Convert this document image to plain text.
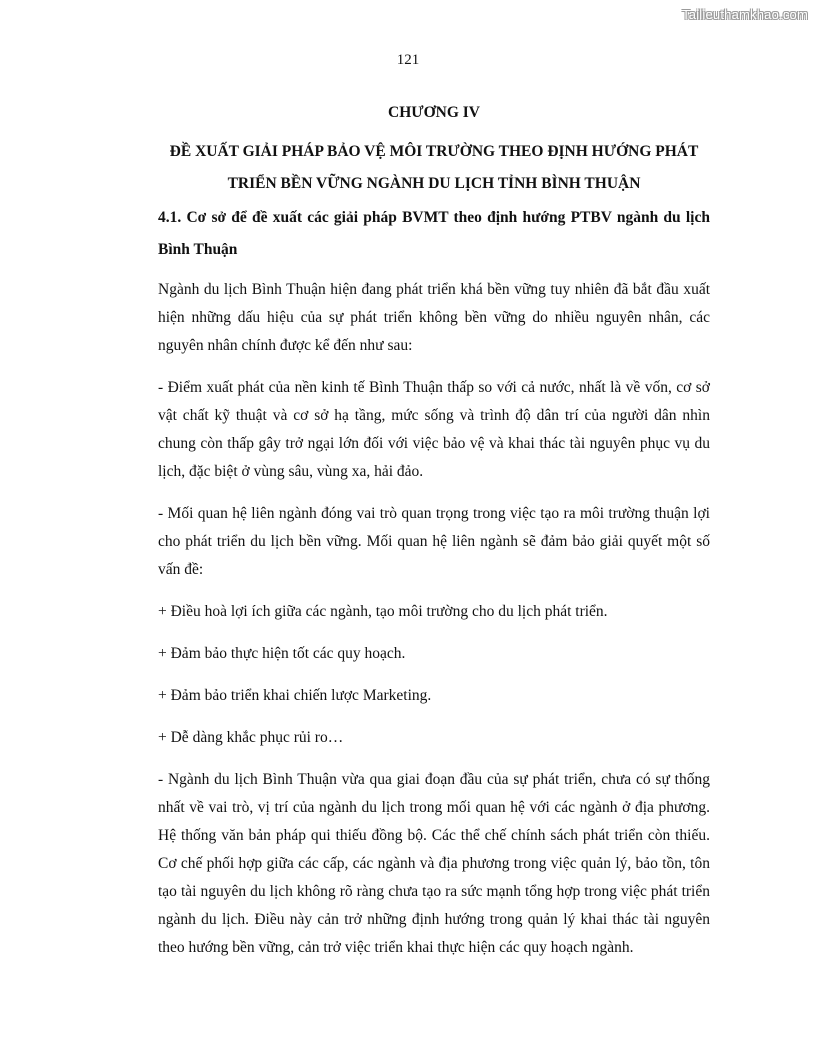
Tailieuthamkhao.com
121
CHƯƠNG IV
ĐỀ XUẤT GIẢI PHÁP BẢO VỆ MÔI TRƯỜNG THEO ĐỊNH HƯỚNG PHÁT TRIỂN BỀN VỮNG NGÀNH DU LỊCH TỈNH BÌNH THUẬN
4.1. Cơ sở để đề xuất các giải pháp BVMT theo định hướng PTBV ngành du lịch Bình Thuận
Ngành du lịch Bình Thuận hiện đang phát triển khá bền vững tuy nhiên đã bắt đầu xuất hiện những dấu hiệu của sự phát triển không bền vững do nhiều nguyên nhân, các nguyên nhân chính được kể đến như sau:
- Điểm xuất phát của nền kinh tế Bình Thuận thấp so với cả nước, nhất là về vốn, cơ sở vật chất kỹ thuật và cơ sở hạ tầng, mức sống và trình độ dân trí của người dân nhìn chung còn thấp gây trở ngại lớn đối với việc bảo vệ và khai thác tài nguyên phục vụ du lịch, đặc biệt ở vùng sâu, vùng xa, hải đảo.
- Mối quan hệ liên ngành đóng vai trò quan trọng trong việc tạo ra môi trường thuận lợi cho phát triển du lịch bền vững. Mối quan hệ liên ngành sẽ đảm bảo giải quyết một số vấn đề:
+ Điều hoà lợi ích giữa các ngành, tạo môi trường cho du lịch phát triển.
+ Đảm bảo thực hiện tốt các quy hoạch.
+ Đảm bảo triển khai chiến lược Marketing.
+ Dễ dàng khắc phục rủi ro…
- Ngành du lịch Bình Thuận vừa qua giai đoạn đầu của sự phát triển, chưa có sự thống nhất về vai trò, vị trí của ngành du lịch trong mối quan hệ với các ngành ở địa phương. Hệ thống văn bản pháp qui thiếu đồng bộ. Các thể chế chính sách phát triển còn thiếu. Cơ chế phối hợp giữa các cấp, các ngành và địa phương trong việc quản lý, bảo tồn, tôn tạo tài nguyên du lịch không rõ ràng chưa tạo ra sức mạnh tổng hợp trong việc phát triển ngành du lịch. Điều này cản trở những định hướng trong quản lý khai thác tài nguyên theo hướng bền vững, cản trở việc triển khai thực hiện các quy hoạch ngành.
